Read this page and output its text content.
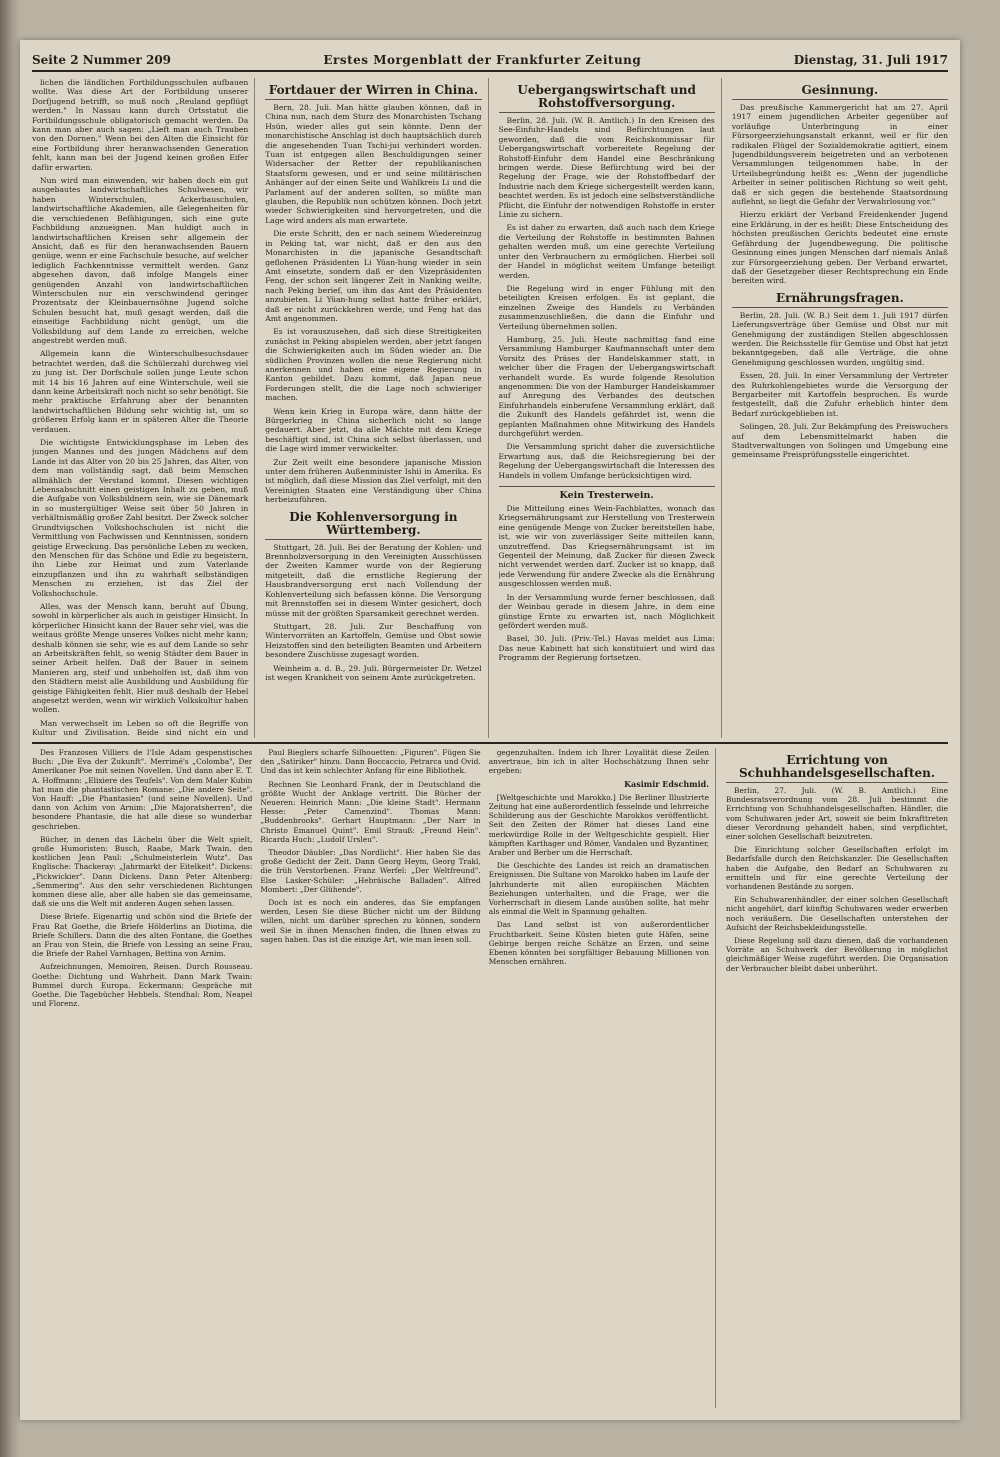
Seite 2 Nummer 209	Erstes Morgenblatt der Frankfurter Zeitung	Dienstag, 31. Juli 1917

lichen die ländlichen Fortbildungsschulen aufbauen wollte. Was diese Art der Fortbildung unserer Dorfjugend betrifft, so muß noch „Reuland gepflügt werden." In Nassau kann durch Ortsstatut die Fortbildungsschule obligatorisch gemacht werden. Da kann man aber auch sagen: „Lieft man auch Trauben von den Dornen." Wenn bei den Alten die Einsicht für eine Fortbildung ihrer heranwachsenden Generation fehlt, kann man bei der Jugend keinen großen Eifer dafür erwarten.

Nun wird man einwenden, wir haben doch ein gut ausgebautes landwirtschaftliches Schulwesen, wir haben Winterschulen, Ackerbauschulen, landwirtschaftliche Akademien, alle Gelegenheiten für die verschiedenen Befähigungen, sich eine gute Fachbildung anzueignen. Man huldigt auch in landwirtschaftlichen Kreisen sehr allgemein der Ansicht, daß es für den heranwachsenden Bauern genüge, wenn er eine Fachschule besuche, auf welcher lediglich Fachkenntnisse vermittelt werden. Ganz abgesehen davon, daß infolge Mangels einer genügenden Anzahl von landwirtschaftlichen Winterschulen nur ein verschwindend geringer Prozentsatz der Kleinbauernsöhne Jugend solche Schulen besucht hat, muß gesagt werden, daß die einseitige Fachbildung nicht genügt, um die Volksbildung auf dem Lande zu erreichen, welche angestrebt werden muß.

Allgemein kann die Winterschulbesuchsdauer betrachtet werden, daß die Schülerzahl durchweg viel zu jung ist. Der Dorfschule sollen junge Leute schon mit 14 bis 16 Jahren auf eine Winterschule, weil sie dann keine Arbeitskraft noch nicht so sehr benötigt. Sie mehr praktische Erfahrung aber der benannten landwirtschaftlichen Bildung sehr wichtig ist, um so größeren Erfolg kann er in späteren Alter die Theorie verdauen.

Die wichtigste Entwicklungsphase im Leben des jungen Mannes und des jungen Mädchens auf dem Lande ist das Alter von 20 bis 25 Jahren, das Alter, von dem man vollständig sagt, daß beim Menschen allmählich der Verstand kommt. Diesen wichtigen Lebensabschnitt einen geistigen Inhalt zu geben, muß die Aufgabe von Volksbildnern sein, wie sie Dänemark in so mustergültiger Weise seit über 50 Jahren in verhältnismäßig großer Zahl besitzt. Der Zweck solcher Grundtvigschen Volkshochschulen ist nicht die Vermittlung von Fachwissen und Kenntnissen, sondern geistige Erweckung. Das persönliche Leben zu wecken, den Menschen für das Schöne und Edle zu begeistern, ihn Liebe zur Heimat und zum Vaterlande einzupflanzen und ihn zu wahrhaft selbständigen Menschen zu erziehen, ist das Ziel der Volkshochschule.

Alles, was der Mensch kann, beruht auf Übung, sowohl in körperlicher als auch in geistiger Hinsicht. In körperlicher Hinsicht kann der Bauer sehr viel, was die weitaus größte Menge unseres Volkes nicht mehr kann; deshalb können sie sehr, wie es auf dem Lande so sehr an Arbeitskräften fehlt, so wenig Städter dem Bauer in seiner Arbeit helfen. Daß der Bauer in seinem Manieren arg, steif und unbeholfen ist, daß ihm von den Städtern meist alle Ausbildung und Ausbildung für geistige Fähigkeiten fehlt. Hier muß deshalb der Hebel angesetzt werden, wenn wir wirklich Volkskultur haben wollen.

Man verwechselt im Leben so oft die Begriffe von Kultur und Zivilisation. Beide sind nicht ein und

Fortdauer der Wirren in China.

Bern, 28. Juli. Man hätte glauben können, daß in China nun, nach dem Sturz des Monarchisten Tschang Hsün, wieder alles gut sein könnte. Denn der monarchistische Anschlag ist doch hauptsächlich durch die angesehenden Tuan Tschi-jui verhindert worden. Tuan ist entgegen allen Beschuldigungen seiner Widersacher der Retter der republikanischen Staatsform gewesen, und er und seine militärischen Anhänger auf der einen Seite und Wahlkreis Li und die Parlament auf der anderen sollten, so müßte man glauben, die Republik nun schützen können. Doch jetzt wieder Schwierigkeiten sind hervorgetreten, und die Lage wird anders als man erwartete.

Die erste Schritt, den er nach seinem Wiedereinzug in Peking tat, war nicht, daß er den aus den Monarchisten in die japanische Gesandtschaft geflohenen Präsidenten Li Yüan-hung wieder in sein Amt einsetzte, sondern daß er den Vizepräsidenten Feng, der schon seit längerer Zeit in Nanking weilte, nach Peking berief, um ihm das Amt des Präsidenten anzubieten. Li Yüan-hung selbst hatte früher erklärt, daß er nicht zurückkehren werde, und Feng hat das Amt angenommen.

Es ist vorauszusehen, daß sich diese Streitigkeiten zunächst in Peking abspielen werden, aber jetzt fangen die Schwierigkeiten auch im Süden wieder an. Die südlichen Provinzen wollen die neue Regierung nicht anerkennen und haben eine eigene Regierung in Kanton gebildet. Dazu kommt, daß Japan neue Forderungen stellt, die die Lage noch schwieriger machen.

Wenn kein Krieg in Europa wäre, dann hätte der Bürgerkrieg in China sicherlich nicht so lange gedauert. Aber jetzt, da alle Mächte mit dem Kriege beschäftigt sind, ist China sich selbst überlassen, und die Lage wird immer verwickelter.

Zur Zeit weilt eine besondere japanische Mission unter dem früheren Außenminister Ishii in Amerika. Es ist möglich, daß diese Mission das Ziel verfolgt, mit den Vereinigten Staaten eine Verständigung über China herbeizuführen.

Die Kohlenversorgung in Württemberg.

Stuttgart, 28. Juli. Bei der Beratung der Kohlen- und Brennholzversorgung in den Vereinigten Ausschüssen der Zweiten Kammer wurde von der Regierung mitgeteilt, daß die ernstliche Regierung der Hausbrandversorgung erst nach Vollendung der Kohlenverteilung sich befassen könne. Die Versorgung mit Brennstoffen sei in diesem Winter gesichert, doch müsse mit der größten Sparsamkeit gerechnet werden.

Stuttgart, 28. Juli. Zur Beschaffung von Wintervorräten an Kartoffeln, Gemüse und Obst sowie Heizstoffen sind den beteiligten Beamten und Arbeitern besondere Zuschüsse zugesagt worden.

Weinheim a. d. B., 29. Juli. Bürgermeister Dr. Wetzel ist wegen Krankheit von seinem Amte zurückgetreten.

Uebergangswirtschaft und Rohstoffversorgung.

Berlin, 28. Juli. (W. B. Amtlich.) In den Kreisen des See-Einfuhr-Handels sind Befürchtungen laut geworden, daß die vom Reichskommissar für Uebergangswirtschaft vorbereitete Regelung der Rohstoff-Einfuhr dem Handel eine Beschränkung bringen werde. Diese Befürchtung wird bei der Regelung der Frage, wie der Rohstoffbedarf der Industrie nach dem Kriege sichergestellt werden kann, beachtet werden. Es ist jedoch eine selbstverständliche Pflicht, die Einfuhr der notwendigen Rohstoffe in erster Linie zu sichern.

Es ist daher zu erwarten, daß auch nach dem Kriege die Verteilung der Rohstoffe in bestimmten Bahnen gehalten werden muß, um eine gerechte Verteilung unter den Verbrauchern zu ermöglichen. Hierbei soll der Handel in möglichst weitem Umfange beteiligt werden.

Die Regelung wird in enger Fühlung mit den beteiligten Kreisen erfolgen. Es ist geplant, die einzelnen Zweige des Handels zu Verbänden zusammenzuschließen, die dann die Einfuhr und Verteilung übernehmen sollen.

Hamburg, 25. Juli. Heute nachmittag fand eine Versammlung Hamburger Kaufmannschaft unter dem Vorsitz des Präses der Handelskammer statt, in welcher über die Fragen der Uebergangswirtschaft verhandelt wurde. Es wurde folgende Resolution angenommen: Die von der Hamburger Handelskammer auf Anregung des Verbandes des deutschen Einfuhrhandels einberufene Versammlung erklärt, daß die Zukunft des Handels gefährdet ist, wenn die geplanten Maßnahmen ohne Mitwirkung des Handels durchgeführt werden.

Die Versammlung spricht daher die zuversichtliche Erwartung aus, daß die Reichsregierung bei der Regelung der Uebergangswirtschaft die Interessen des Handels in vollem Umfange berücksichtigen wird.

Kein Tresterwein.

Die Mitteilung eines Wein-Fachblattes, wonach das Kriegsernährungsamt zur Herstellung von Tresterwein eine genügende Menge von Zucker bereitstellen habe, ist, wie wir von zuverlässiger Seite mitteilen kann, unzutreffend. Das Kriegsernährungsamt ist im Gegenteil der Meinung, daß Zucker für diesen Zweck nicht verwendet werden darf. Zucker ist so knapp, daß jede Verwendung für andere Zwecke als die Ernährung ausgeschlossen werden muß.

In der Versammlung wurde ferner beschlossen, daß der Weinbau gerade in diesem Jahre, in dem eine günstige Ernte zu erwarten ist, nach Möglichkeit gefördert werden muß.

Basel, 30. Juli. (Priv.-Tel.) Havas meldet aus Lima: Das neue Kabinett hat sich konstituiert und wird das Programm der Regierung fortsetzen.

Gesinnung.

Das preußische Kammergericht hat am 27. April 1917 einem jugendlichen Arbeiter gegenüber auf vorläufige Unterbringung in einer Fürsorgeerziehungsanstalt erkannt, weil er für den radikalen Flügel der Sozialdemokratie agitiert, einem Jugendbildungsverein beigetreten und an verbotenen Versammlungen teilgenommen habe. In der Urteilsbegründung heißt es: „Wenn der jugendliche Arbeiter in seiner politischen Richtung so weit geht, daß er sich gegen die bestehende Staatsordnung auflehnt, so liegt die Gefahr der Verwahrlosung vor."

Hierzu erklärt der Verband Freidenkender Jugend eine Erklärung, in der es heißt: Diese Entscheidung des höchsten preußischen Gerichts bedeutet eine ernste Gefährdung der Jugendbewegung. Die politische Gesinnung eines jungen Menschen darf niemals Anlaß zur Fürsorgeerziehung geben. Der Verband erwartet, daß der Gesetzgeber dieser Rechtsprechung ein Ende bereiten wird.

Ernährungsfragen.

Berlin, 28. Juli. (W. B.) Seit dem 1. Juli 1917 dürfen Lieferungsverträge über Gemüse und Obst nur mit Genehmigung der zuständigen Stellen abgeschlossen werden. Die Reichsstelle für Gemüse und Obst hat jetzt bekanntgegeben, daß alle Verträge, die ohne Genehmigung geschlossen wurden, ungültig sind.

Essen, 28. Juli. In einer Versammlung der Vertreter des Ruhrkohlengebietes wurde die Versorgung der Bergarbeiter mit Kartoffeln besprochen. Es wurde festgestellt, daß die Zufuhr erheblich hinter dem Bedarf zurückgeblieben ist.

Solingen, 28. Juli. Zur Bekämpfung des Preiswuchers auf dem Lebensmittelmarkt haben die Stadtverwaltungen von Solingen und Umgebung eine gemeinsame Preisprüfungsstelle eingerichtet.

Des Franzosen Villiers de l'Isle Adam gespenstisches Buch: „Die Eva der Zukunft". Merrimé's „Colomba", Der Amerikaner Poe mit seinen Novellen. Und dann aber E. T. A. Hoffmann: „Elixiere des Teufels". Von dem Maler Kubin hat man die phantastischen Romane: „Die andere Seite". Von Hauff: „Die Phantasien" (und seine Novellen). Und dann von Achim von Arnim: „Die Majoratsherren", die besondere Phantasie, die hat alle diese so wunderbar geschrieben.

Bücher, in denen das Lächeln über die Welt spielt, große Humoristen: Busch, Raabe, Mark Twain, den kostlichen Jean Paul: „Schulmeisterlein Wutz". Das Englische: Thackeray: „Jahrmarkt der Eitelkeit". Dickens: „Pickwickier". Dann Dickens. Dann Peter Altenberg: „Semmering". Aus den sehr verschiedenen Richtungen kommen diese alle, aber alle haben sie das gemeinsame, daß sie uns die Welt mit anderen Augen sehen lassen.

Diese Briefe. Eigenartig und schön sind die Briefe der Frau Rat Goethe, die Briefe Hölderlins an Diotima, die Briefe Schillers. Dann die des alten Fontane, die Goethes an Frau von Stein, die Briefe von Lessing an seine Frau, die Briefe der Rahel Varnhagen, Bettina von Arnim.

Aufzeichnungen, Memoiren, Reisen. Durch Rousseau. Goethe: Dichtung und Wahrheit. Dann Mark Twain: Bummel durch Europa. Eckermann: Gespräche mit Goethe. Die Tagebücher Hebbels. Stendhal: Rom, Neapel und Florenz.

Paul Bieglers scharfe Silhouetten: „Figuren". Fügen Sie den „Satiriker" hinzu. Dann Boccaccio, Petrarca und Ovid. Und das ist kein schlechter Anfang für eine Bibliothek.

Rechnen Sie Leonhard Frank, der in Deutschland die größte Wucht der Anklage vertritt. Die Bücher der Neueren: Heinrich Mann: „Die kleine Stadt". Hermann Hesse: „Peter Camenzind". Thomas Mann: „Buddenbrooks". Gerhart Hauptmann: „Der Narr in Christo Emanuel Quint". Emil Strauß: „Freund Hein". Ricarda Huch: „Ludolf Ursleu".

Theodor Däubler: „Das Nordlicht". Hier haben Sie das große Gedicht der Zeit. Dann Georg Heym, Georg Trakl, die früh Verstorbenen. Franz Werfel: „Der Weltfreund". Else Lasker-Schüler: „Hebräische Balladen". Alfred Mombert: „Der Glühende".

Doch ist es noch ein anderes, das Sie empfangen werden, Lesen Sie diese Bücher nicht um der Bildung willen, nicht um darüber sprechen zu können, sondern weil Sie in ihnen Menschen finden, die Ihnen etwas zu sagen haben. Das ist die einzige Art, wie man lesen soll.

gegenzuhalten. Indem ich Ihrer Loyalität diese Zeilen anvertraue, bin ich in alter Hochschätzung Ihnen sehr ergeben:

Kasimir Edschmid.

[Weltgeschichte und Marokko.] Die Berliner Illustrierte Zeitung hat eine außerordentlich fesselnde und lehrreiche Schilderung aus der Geschichte Marokkos veröffentlicht. Seit den Zeiten der Römer hat dieses Land eine merkwürdige Rolle in der Weltgeschichte gespielt. Hier kämpften Karthager und Römer, Vandalen und Byzantiner, Araber und Berber um die Herrschaft.

Die Geschichte des Landes ist reich an dramatischen Ereignissen. Die Sultane von Marokko haben im Laufe der Jahrhunderte mit allen europäischen Mächten Beziehungen unterhalten, und die Frage, wer die Vorherrschaft in diesem Lande ausüben sollte, hat mehr als einmal die Welt in Spannung gehalten.

Das Land selbst ist von außerordentlicher Fruchtbarkeit. Seine Küsten bieten gute Häfen, seine Gebirge bergen reiche Schätze an Erzen, und seine Ebenen könnten bei sorgfältiger Bebauung Millionen von Menschen ernähren.

Errichtung von Schuhhandelsgesellschaften.

Berlin, 27. Juli. (W. B. Amtlich.) Eine Bundesratsverordnung vom 28. Juli bestimmt die Errichtung von Schuhhandelsgesellschaften. Händler, die vom Schuhwaren jeder Art, soweit sie beim Inkrafttreten dieser Verordnung gehandelt haben, sind verpflichtet, einer solchen Gesellschaft beizutreten.

Die Einrichtung solcher Gesellschaften erfolgt im Bedarfsfalle durch den Reichskanzler. Die Gesellschaften haben die Aufgabe, den Bedarf an Schuhwaren zu ermitteln und für eine gerechte Verteilung der vorhandenen Bestände zu sorgen.

Ein Schuhwarenhändler, der einer solchen Gesellschaft nicht angehört, darf künftig Schuhwaren weder erwerben noch veräußern. Die Gesellschaften unterstehen der Aufsicht der Reichsbekleidungsstelle.

Diese Regelung soll dazu dienen, daß die vorhandenen Vorräte an Schuhwerk der Bevölkerung in möglichst gleichmäßiger Weise zugeführt werden. Die Organisation der Verbraucher bleibt dabei unberührt.
